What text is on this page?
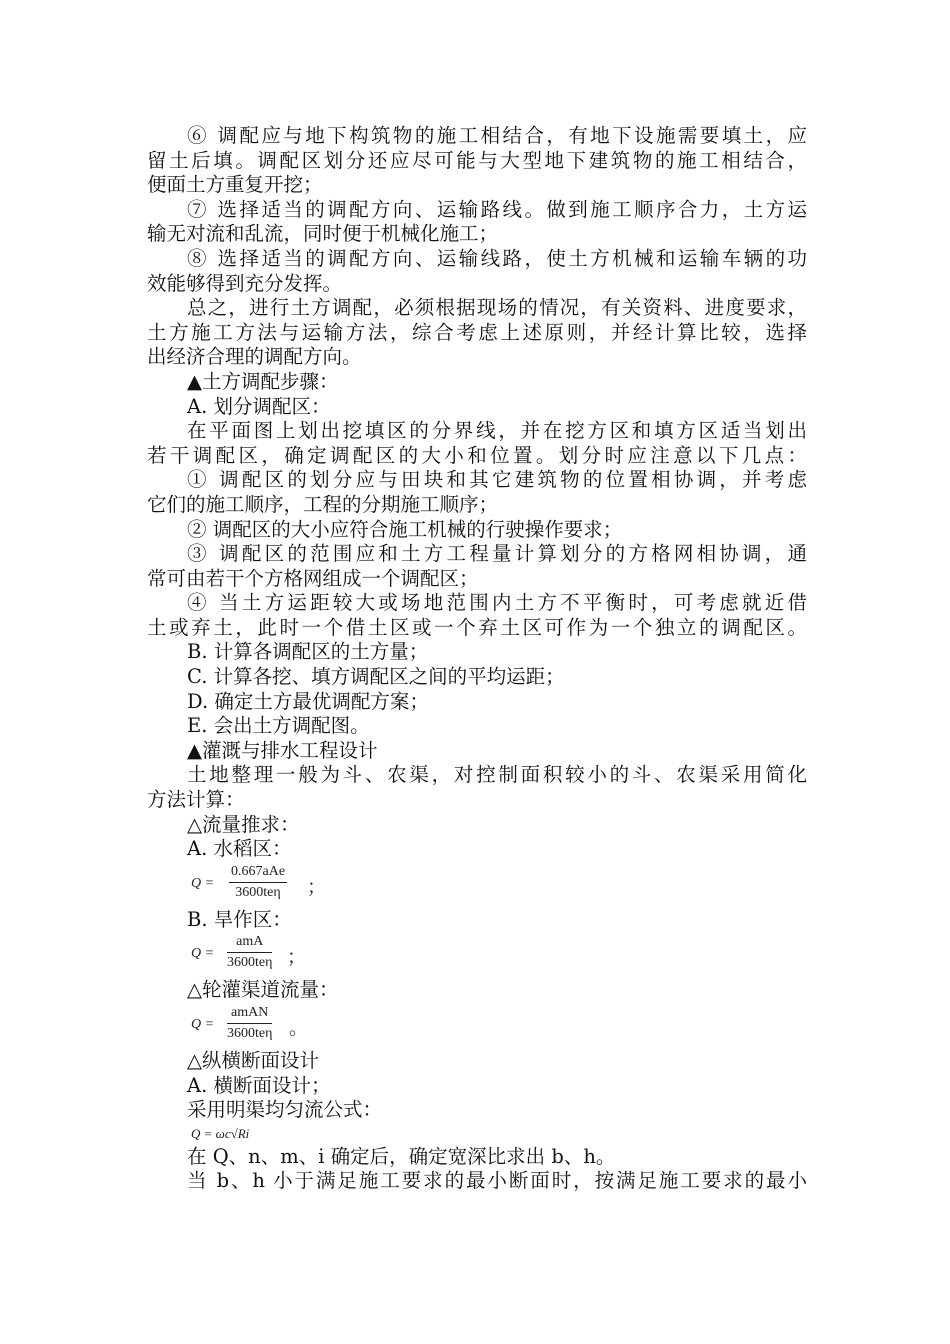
⑥ 调配应与地下构筑物的施工相结合，有地下设施需要填土，应
留土后填。调配区划分还应尽可能与大型地下建筑物的施工相结合，
便面土方重复开挖；
⑦ 选择适当的调配方向、运输路线。做到施工顺序合力，土方运
输无对流和乱流，同时便于机械化施工；
⑧ 选择适当的调配方向、运输线路，使土方机械和运输车辆的功
效能够得到充分发挥。
总之，进行土方调配，必须根据现场的情况，有关资料、进度要求，
土方施工方法与运输方法，综合考虑上述原则，并经计算比较，选择
出经济合理的调配方向。
▲土方调配步骤：
A. 划分调配区：
在平面图上划出挖填区的分界线，并在挖方区和填方区适当划出
若干调配区，确定调配区的大小和位置。划分时应注意以下几点：
① 调配区的划分应与田块和其它建筑物的位置相协调，并考虑
它们的施工顺序，工程的分期施工顺序；
② 调配区的大小应符合施工机械的行驶操作要求；
③ 调配区的范围应和土方工程量计算划分的方格网相协调，通
常可由若干个方格网组成一个调配区；
④ 当土方运距较大或场地范围内土方不平衡时，可考虑就近借
土或弃土，此时一个借土区或一个弃土区可作为一个独立的调配区。
B. 计算各调配区的土方量；
C. 计算各挖、填方调配区之间的平均运距；
D. 确定土方最优调配方案；
E. 会出土方调配图。
▲灌溉与排水工程设计
土地整理一般为斗、农渠，对控制面积较小的斗、农渠采用简化
方法计算：
△流量推求：
A. 水稻区：
Q =
0.667aAe
3600teη	；
B. 旱作区：
Q =
amA
3600teη ；
△轮灌渠道流量：
Q =
amAN
3600teη 。
△纵横断面设计
A. 横断面设计；
采用明渠均匀流公式：
Q = ωc√Ri
在 Q、n、m、i 确定后，确定宽深比求出 b、h。
当 b、h 小于满足施工要求的最小断面时，按满足施工要求的最小
